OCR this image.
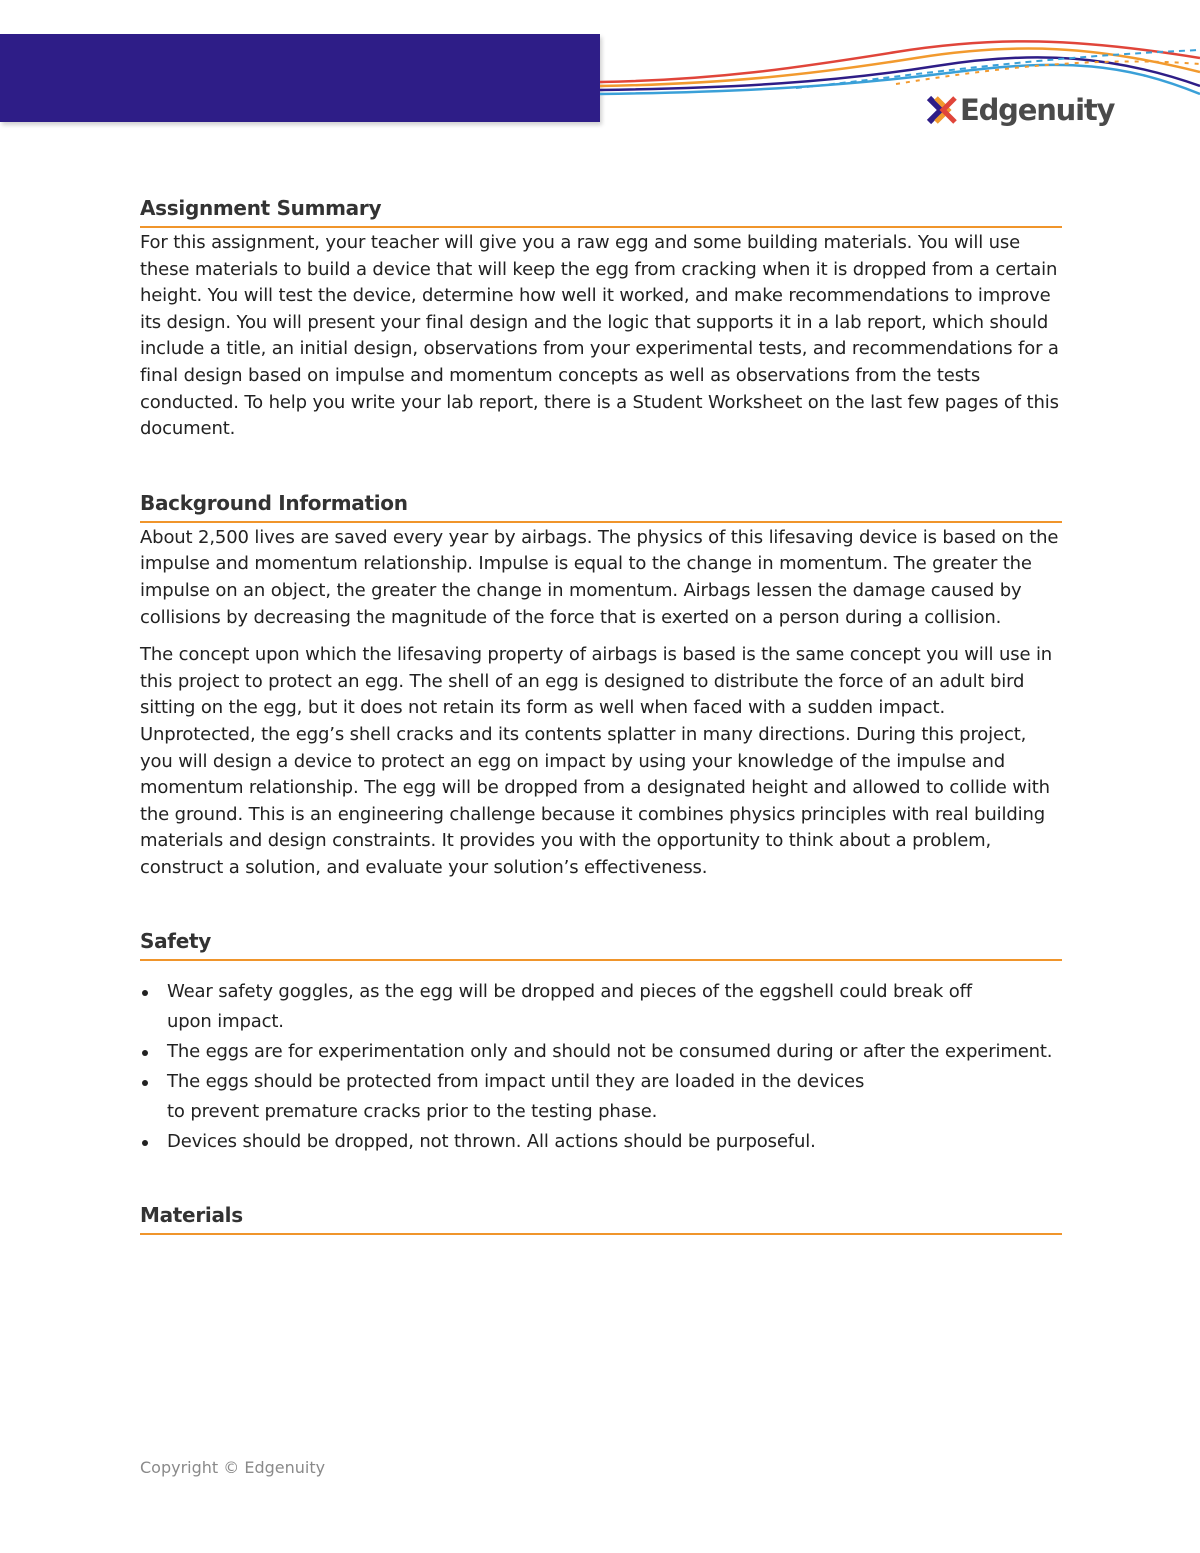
Edgenuity
Assignment Summary

For this assignment, your teacher will give you a raw egg and some building materials. You will use these materials to build a device that will keep the egg from cracking when it is dropped from a certain height. You will test the device, determine how well it worked, and make recommendations to improve its design. You will present your final design and the logic that supports it in a lab report, which should include a title, an initial design, observations from your experimental tests, and recommendations for a final design based on impulse and momentum concepts as well as observations from the tests conducted. To help you write your lab report, there is a Student Worksheet on the last few pages of this document.

Background Information

About 2,500 lives are saved every year by airbags. The physics of this lifesaving device is based on the impulse and momentum relationship. Impulse is equal to the change in momentum. The greater the impulse on an object, the greater the change in momentum. Airbags lessen the damage caused by collisions by decreasing the magnitude of the force that is exerted on a person during a collision.

The concept upon which the lifesaving property of airbags is based is the same concept you will use in this project to protect an egg. The shell of an egg is designed to distribute the force of an adult bird sitting on the egg, but it does not retain its form as well when faced with a sudden impact. Unprotected, the egg’s shell cracks and its contents splatter in many directions. During this project, you will design a device to protect an egg on impact by using your knowledge of the impulse and momentum relationship. The egg will be dropped from a designated height and allowed to collide with the ground. This is an engineering challenge because it combines physics principles with real building materials and design constraints. It provides you with the opportunity to think about a problem, construct a solution, and evaluate your solution’s effectiveness.

Safety
Wear safety goggles, as the egg will be dropped and pieces of the eggshell could break off upon impact.
The eggs are for experimentation only and should not be consumed during or after the experiment.
The eggs should be protected from impact until they are loaded in the devices to prevent premature cracks prior to the testing phase.
Devices should be dropped, not thrown. All actions should be purposeful.
Materials
Copyright © Edgenuity
